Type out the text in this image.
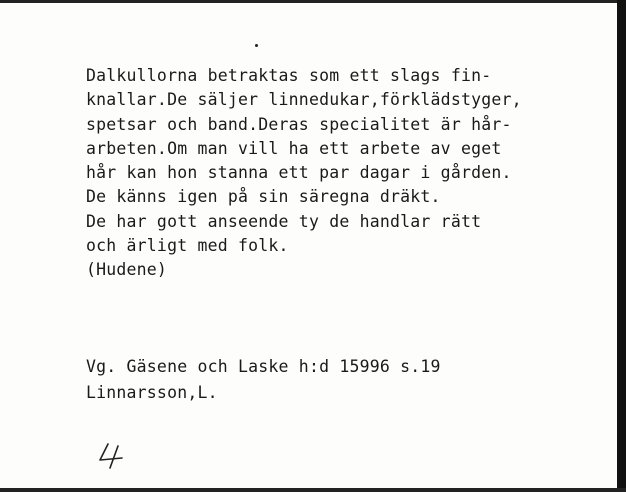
Dalkullorna betraktas som ett slags fin-
knallar.De säljer linnedukar,förklädstyger,
spetsar och band.Deras specialitet är hår-
arbeten.Om man vill ha ett arbete av eget
hår kan hon stanna ett par dagar i gården.
De känns igen på sin säregna dräkt.
De har gott anseende ty de handlar rätt
och ärligt med folk.
(Hudene)
Vg. Gäsene och Laske h:d 15996 s.19
Linnarsson,L.
